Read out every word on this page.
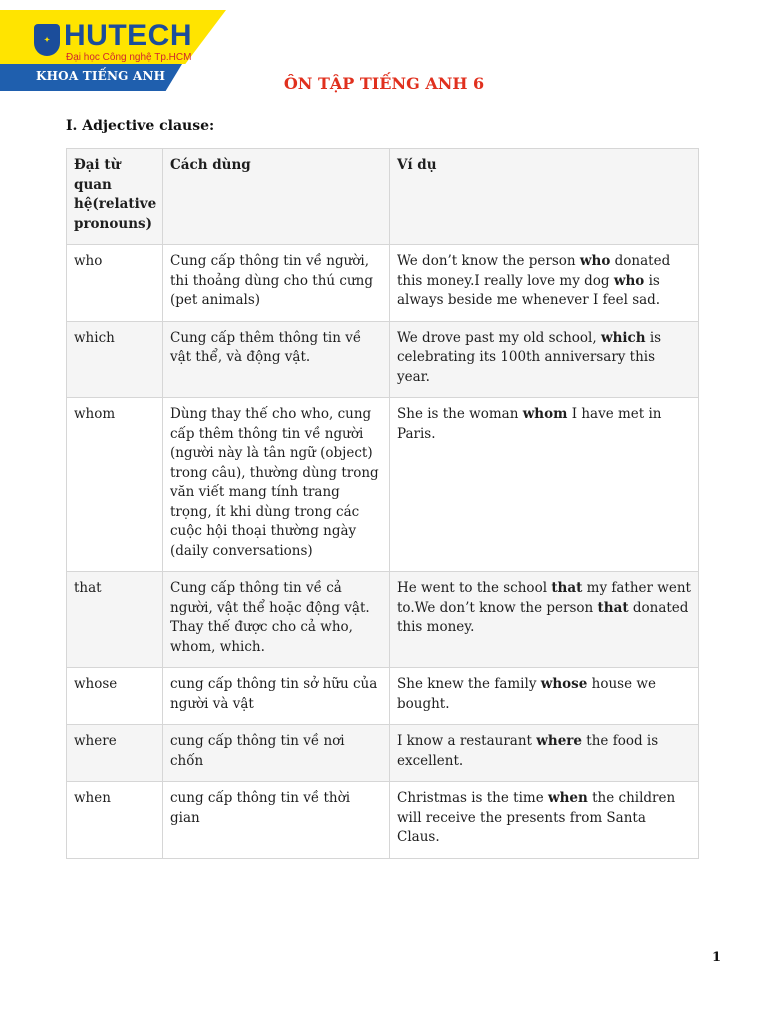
✦ HUTECH
Đại học Công nghệ Tp.HCM
KHOA TIẾNG ANH	ÔN TẬP TIẾNG ANH 6
I. Adjective clause:
Đại từ quan hệ(relative pronouns)	Cách dùng	Ví dụ
who	Cung cấp thông tin về người, thi thoảng dùng cho thú cưng (pet animals)	We don’t know the person who donated this money.I really love my dog who is always beside me whenever I feel sad.
which	Cung cấp thêm thông tin về vật thể, và động vật.	We drove past my old school, which is celebrating its 100th anniversary this year.
whom	Dùng thay thế cho who, cung cấp thêm thông tin về người (người này là tân ngữ (object) trong câu), thường dùng trong văn viết mang tính trang trọng, ít khi dùng trong các cuộc hội thoại thường ngày (daily conversations)	She is the woman whom I have met in Paris.
that	Cung cấp thông tin về cả người, vật thể hoặc động vật. Thay thế được cho cả who, whom, which.	He went to the school that my father went to.We don’t know the person that donated this money.
whose	cung cấp thông tin sở hữu của người và vật	She knew the family whose house we bought.
where	cung cấp thông tin về nơi chốn	I know a restaurant where the food is excellent.
when	cung cấp thông tin về thời gian	Christmas is the time when the children will receive the presents from Santa Claus.
1
